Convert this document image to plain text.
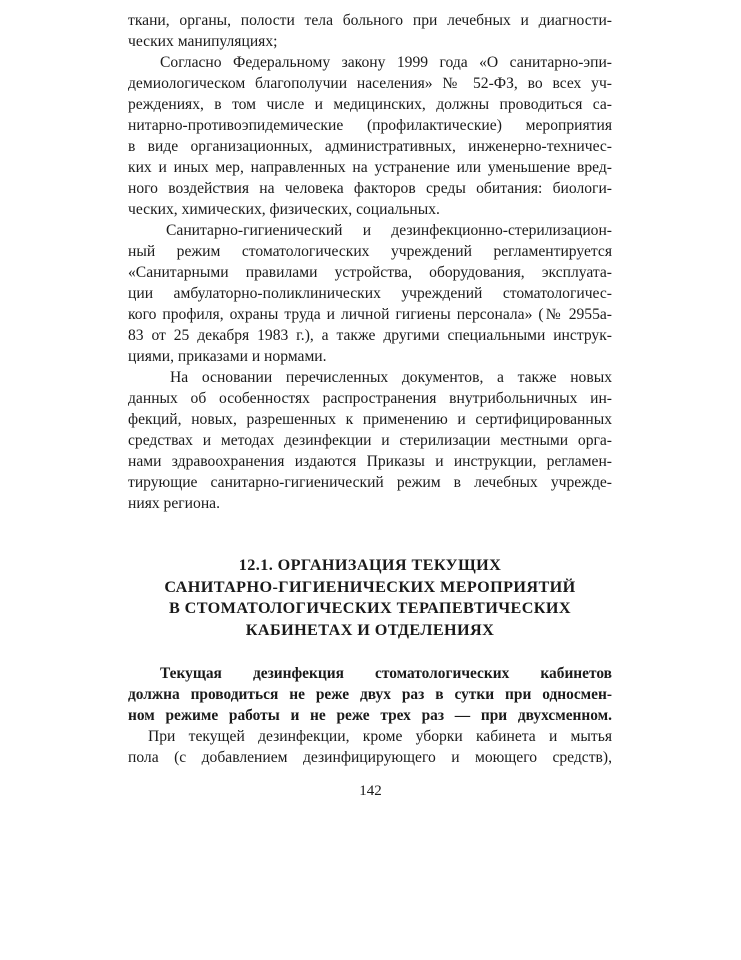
ткани, органы, полости тела больного при лечебных и диагности-
ческих манипуляциях;
Согласно Федеральному закону 1999 года «О санитарно-эпи-
демиологическом благополучии населения» № 52-ФЗ, во всех уч-
реждениях, в том числе и медицинских, должны проводиться са-
нитарно-противоэпидемические (профилактические) мероприятия
в виде организационных, административных, инженерно-техничес-
ких и иных мер, направленных на устранение или уменьшение вред-
ного воздействия на человека факторов среды обитания: биологи-
ческих, химических, физических, социальных.
Санитарно-гигиенический и дезинфекционно-стерилизацион-
ный режим стоматологических учреждений регламентируется
«Санитарными правилами устройства, оборудования, эксплуата-
ции амбулаторно-поликлинических учреждений стоматологичес-
кого профиля, охраны труда и личной гигиены персонала» (№ 2955а-
83 от 25 декабря 1983 г.), а также другими специальными инструк-
циями, приказами и нормами.
На основании перечисленных документов, а также новых
данных об особенностях распространения внутрибольничных ин-
фекций, новых, разрешенных к применению и сертифицированных
средствах и методах дезинфекции и стерилизации местными орга-
нами здравоохранения издаются Приказы и инструкции, регламен-
тирующие санитарно-гигиенический режим в лечебных учрежде-
ниях региона.
12.1. ОРГАНИЗАЦИЯ ТЕКУЩИХ
САНИТАРНО-ГИГИЕНИЧЕСКИХ МЕРОПРИЯТИЙ
В СТОМАТОЛОГИЧЕСКИХ ТЕРАПЕВТИЧЕСКИХ
КАБИНЕТАХ И ОТДЕЛЕНИЯХ
Текущая дезинфекция стоматологических кабинетов
должна проводиться не реже двух раз в сутки при односмен-
ном режиме работы и не реже трех раз — при двухсменном.
При текущей дезинфекции, кроме уборки кабинета и мытья
пола (с добавлением дезинфицирующего и моющего средств),
142
